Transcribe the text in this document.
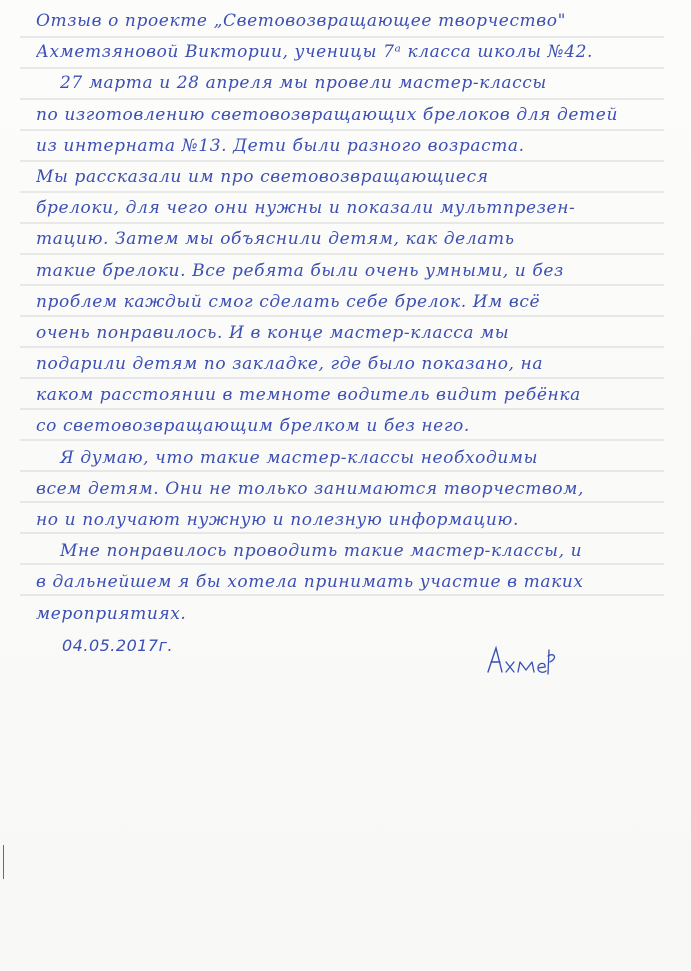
Отзыв о проекте „Световозвращающее творчество"
Ахметзяновой Виктории, ученицы 7ᵃ класса школы №42.
27 марта и 28 апреля мы провели мастер-классы
по изготовлению световозвращающих брелоков для детей
из интерната №13. Дети были разного возраста.
Мы рассказали им про световозвращающиеся
брелоки, для чего они нужны и показали мультпрезен-
тацию. Затем мы объяснили детям, как делать
такие брелоки. Все ребята были очень умными, и без
проблем каждый смог сделать себе брелок. Им всё
очень понравилось. И в конце мастер-класса мы
подарили детям по закладке, где было показано, на
каком расстоянии в темноте водитель видит ребёнка
со световозвращающим брелком и без него.
Я думаю, что такие мастер-классы необходимы
всем детям. Они не только занимаются творчеством,
но и получают нужную и полезную информацию.
Мне понравилось проводить такие мастер-классы, и
в дальнейшем я бы хотела принимать участие в таких
мероприятиях.
04.05.2017г.
